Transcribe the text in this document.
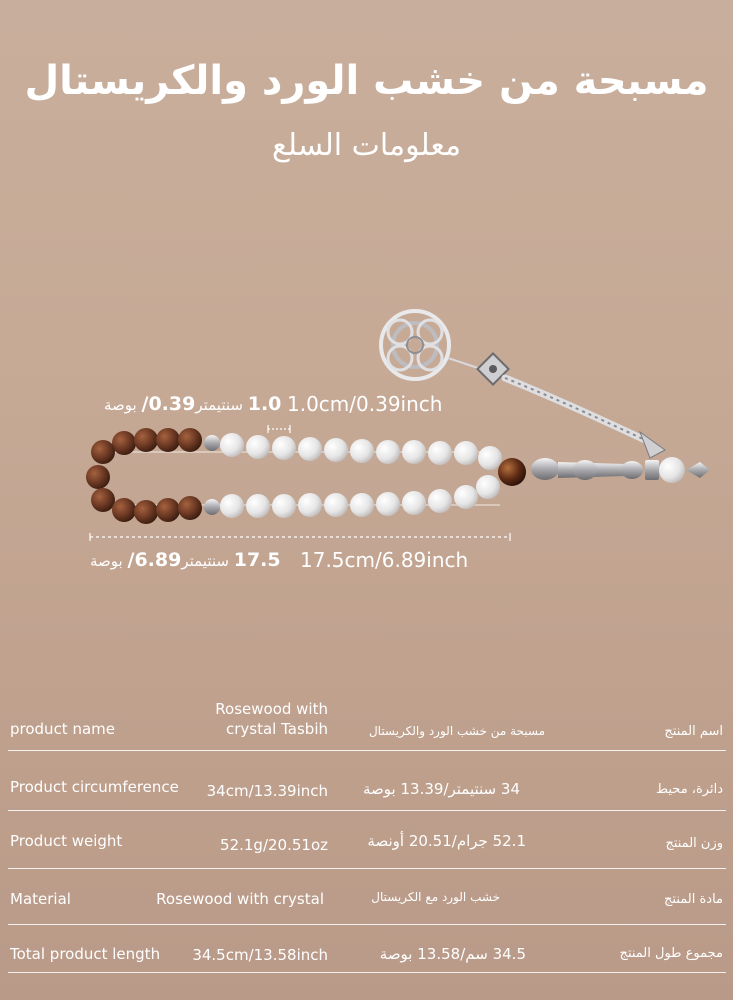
مسبحة من خشب الورد والكريستال
معلومات السلع
1.0 سنتيمتر0.39/ بوصة	1.0cm/0.39inch
17.5 سنتيمتر6.89/ بوصة	17.5cm/6.89inch
product name
Rosewood with
crystal Tasbih	مسبحة من خشب الورد والكريستال	اسم المنتج
Product circumference	34cm/13.39inch 34 سنتيمتر/13.39 بوصة	دائرة، محيط
Product weight	52.1g/20.51oz	52.1 جرام/20.51 أونصة	وزن المنتج
Material	Rosewood with crystal	خشب الورد مع الكريستال	مادة المنتج
Total product length 34.5cm/13.58inch	34.5 سم/13.58 بوصة	مجموع طول المنتج
